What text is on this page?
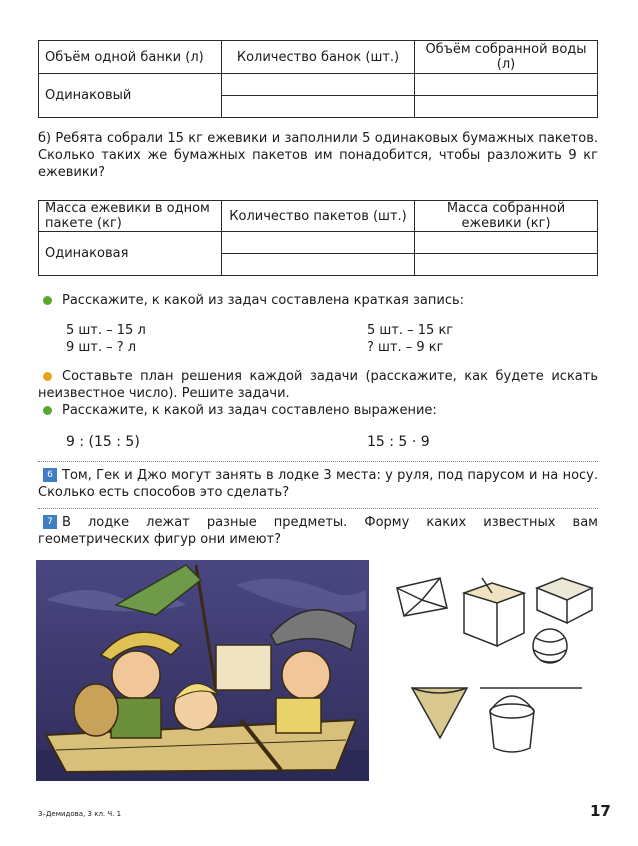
Объём одной банки (л)	Количество банок (шт.)	Объём собранной воды (л)
Одинаковый		

б) Ребята собрали 15 кг ежевики и заполнили 5 одинаковых бумажных пакетов. Сколько таких же бумажных пакетов им понадобится, чтобы разложить 9 кг ежевики?
Масса ежевики в одном пакете (кг)	Количество пакетов (шт.)	Масса собранной ежевики (кг)
Одинаковая		

Расскажите, к какой из задач составлена краткая запись:
5 шт. – 15 л
9 шт. – ? л
5 шт. – 15 кг
? шт. – 9 кг
Составьте план решения каждой задачи (расскажите, как будете искать неизвестное число). Решите задачи.
Расскажите, к какой из задач составлено выражение:
9 : (15 : 5)	15 : 5 · 9
6 Том, Гек и Джо могут занять в лодке 3 места: у руля, под парусом и на носу. Сколько есть способов это сделать?
7 В лодке лежат разные предметы. Форму каких известных вам геометрических фигур они имеют?
3–Демидова, 3 кл. Ч. 1	17
